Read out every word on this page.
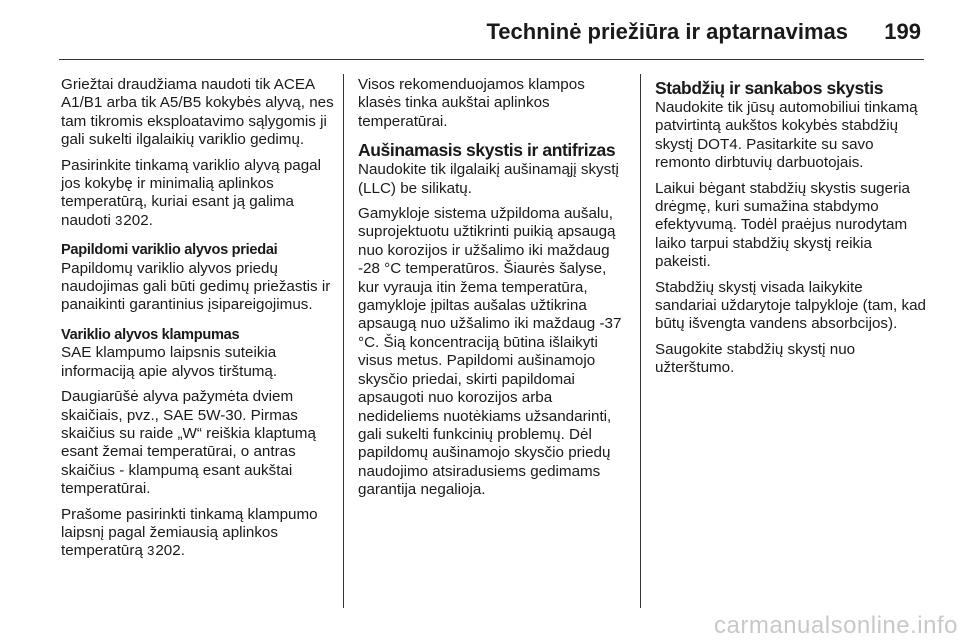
Techninė priežiūra ir aptarnavimas 199

Griežtai draudžiama naudoti tik ACEA A1/B1 arba tik A5/B5 kokybės alyvą, nes tam tikromis eksploatavimo sąlygomis ji gali sukelti ilgalaikių variklio gedimų.

Pasirinkite tinkamą variklio alyvą pagal jos kokybę ir minimalią aplinkos temperatūrą, kuriai esant ją galima naudoti 3202.

Papildomi variklio alyvos priedai

Papildomų variklio alyvos priedų naudojimas gali būti gedimų priežastis ir panaikinti garantinius įsipareigojimus.

Variklio alyvos klampumas

SAE klampumo laipsnis suteikia informaciją apie alyvos tirštumą.

Daugiarūšė alyva pažymėta dviem skaičiais, pvz., SAE 5W-30. Pirmas skaičius su raide „W“ reiškia klaptumą esant žemai temperatūrai, o antras skaičius - klampumą esant aukštai temperatūrai.

Prašome pasirinkti tinkamą klampumo laipsnį pagal žemiausią aplinkos temperatūrą 3202.

Visos rekomenduojamos klampos klasės tinka aukštai aplinkos temperatūrai.

Aušinamasis skystis ir antifrizas

Naudokite tik ilgalaikį aušinamąjį skystį (LLC) be silikatų.

Gamykloje sistema užpildoma aušalu, suprojektuotu užtikrinti puikią apsaugą nuo korozijos ir užšalimo iki maždaug -28 °C temperatūros. Šiaurės šalyse, kur vyrauja itin žema temperatūra, gamykloje įpiltas aušalas užtikrina apsaugą nuo užšalimo iki maždaug -37 °C. Šią koncentraciją būtina išlaikyti visus metus. Papildomi aušinamojo skysčio priedai, skirti papildomai apsaugoti nuo korozijos arba nedideliems nuotėkiams užsandarinti, gali sukelti funkcinių problemų. Dėl papildomų aušinamojo skysčio priedų naudojimo atsiradusiems gedimams garantija negalioja.

Stabdžių ir sankabos skystis

Naudokite tik jūsų automobiliui tinkamą patvirtintą aukštos kokybės stabdžių skystį DOT4. Pasitarkite su savo remonto dirbtuvių darbuotojais.

Laikui bėgant stabdžių skystis sugeria drėgmę, kuri sumažina stabdymo efektyvumą. Todėl praėjus nurodytam laiko tarpui stabdžių skystį reikia pakeisti.

Stabdžių skystį visada laikykite sandariai uždarytoje talpykloje (tam, kad būtų išvengta vandens absorbcijos).

Saugokite stabdžių skystį nuo užterštumo.

carmanualsonline.info
